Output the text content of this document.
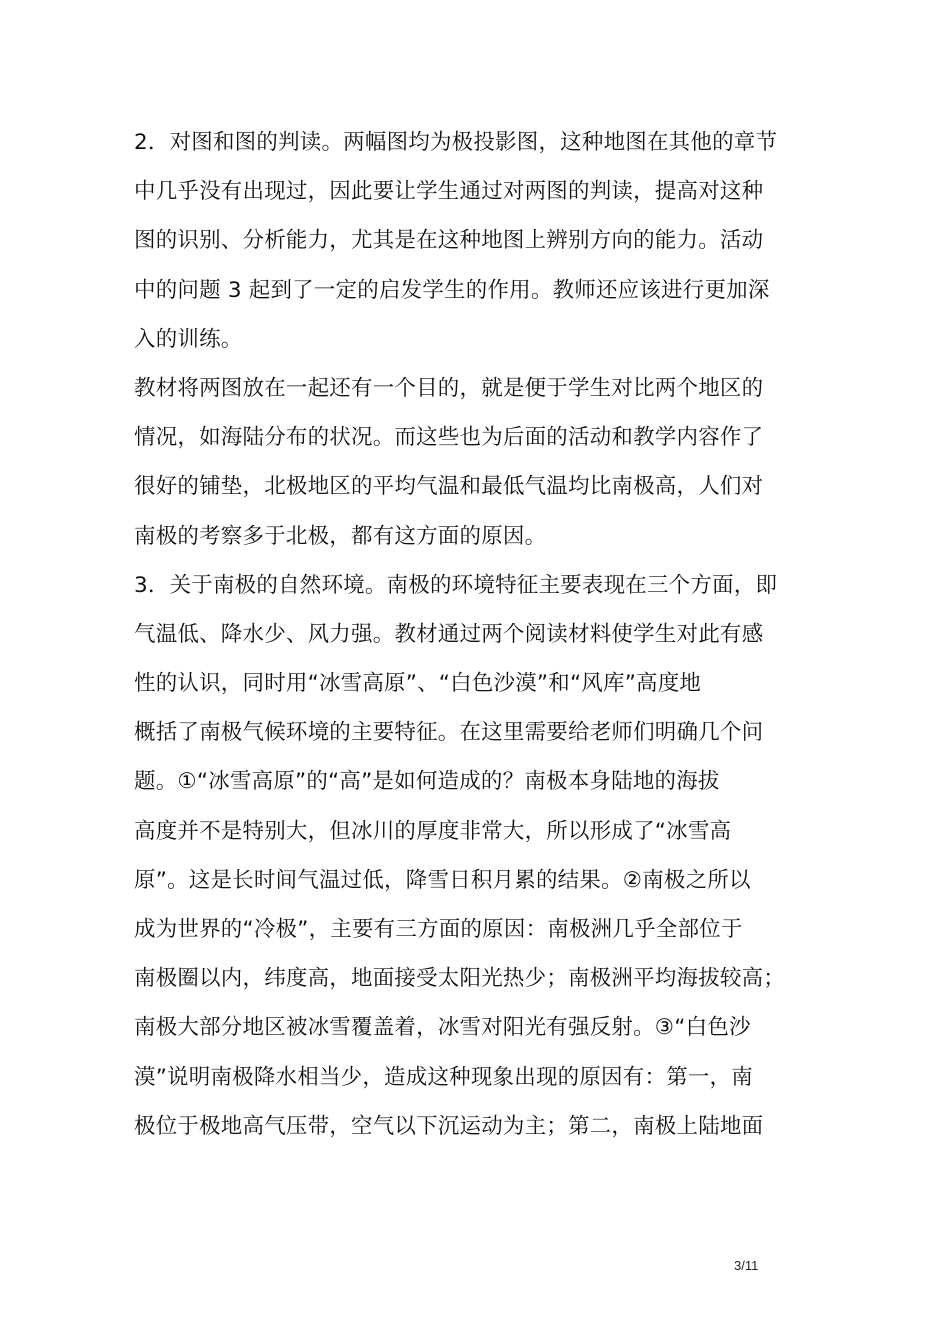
2．对图和图的判读。两幅图均为极投影图，这种地图在其他的章节
中几乎没有出现过，因此要让学生通过对两图的判读，提高对这种
图的识别、分析能力，尤其是在这种地图上辨别方向的能力。活动
中的问题 3 起到了一定的启发学生的作用。教师还应该进行更加深
入的训练。
教材将两图放在一起还有一个目的，就是便于学生对比两个地区的
情况，如海陆分布的状况。而这些也为后面的活动和教学内容作了
很好的铺垫，北极地区的平均气温和最低气温均比南极高，人们对
南极的考察多于北极，都有这方面的原因。
3．关于南极的自然环境。南极的环境特征主要表现在三个方面，即
气温低、降水少、风力强。教材通过两个阅读材料使学生对此有感
性的认识，同时用“冰雪高原”、“白色沙漠”和“风库”高度地
概括了南极气候环境的主要特征。在这里需要给老师们明确几个问
题。①“冰雪高原”的“高”是如何造成的？南极本身陆地的海拔
高度并不是特别大，但冰川的厚度非常大，所以形成了“冰雪高
原”。这是长时间气温过低，降雪日积月累的结果。②南极之所以
成为世界的“冷极”，主要有三方面的原因：南极洲几乎全部位于
南极圈以内，纬度高，地面接受太阳光热少；南极洲平均海拔较高；
南极大部分地区被冰雪覆盖着，冰雪对阳光有强反射。③“白色沙
漠”说明南极降水相当少，造成这种现象出现的原因有：第一，南
极位于极地高气压带，空气以下沉运动为主；第二，南极上陆地面
3/11
